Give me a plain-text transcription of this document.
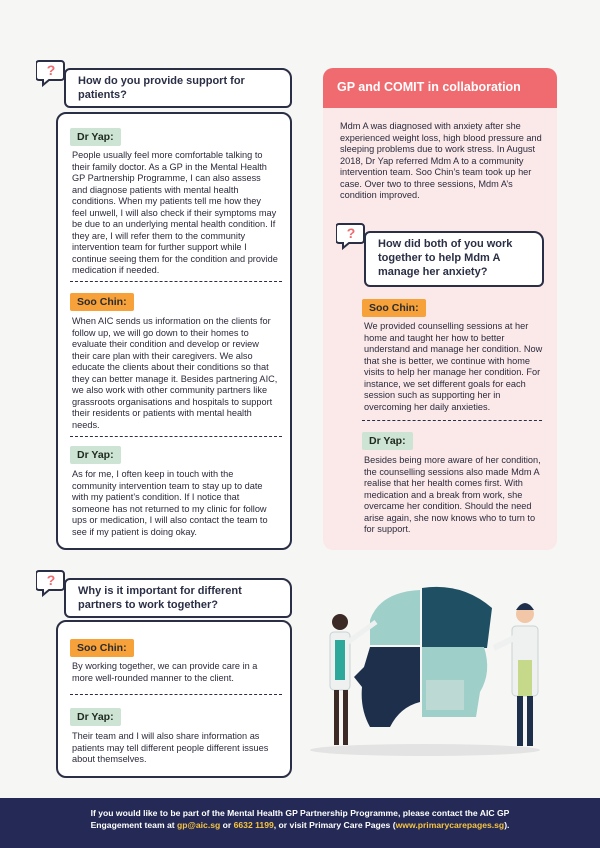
How do you provide support for patients?
?
Dr Yap:
People usually feel more comfortable talking to their family doctor. As a GP in the Mental Health GP Partnership Programme, I can also assess and diagnose patients with mental health conditions. When my patients tell me how they feel unwell, I will also check if their symptoms may be due to an underlying mental health condition. If they are, I will refer them to the community intervention team for further support while I continue seeing them for the condition and provide medication if needed.
Soo Chin:
When AIC sends us information on the clients for follow up, we will go down to their homes to evaluate their condition and develop or review their care plan with their caregivers. We also educate the clients about their conditions so that they can better manage it. Besides partnering AIC, we also work with other community partners like grassroots organisations and hospitals to support their residents or patients with mental health needs.
Dr Yap:
As for me, I often keep in touch with the community intervention team to stay up to date with my patient’s condition. If I notice that someone has not returned to my clinic for follow ups or medication, I will also contact the team to see if my patient is doing okay.
GP and COMIT in collaboration
Mdm A was diagnosed with anxiety after she experienced weight loss, high blood pressure and sleeping problems due to work stress. In August 2018, Dr Yap referred Mdm A to a community intervention team. Soo Chin’s team took up her case. Over two to three sessions, Mdm A’s condition improved.
How did both of you work together to help Mdm A manage her anxiety?
?
Soo Chin:
We provided counselling sessions at her home and taught her how to better understand and manage her condition. Now that she is better, we continue with home visits to help her manage her condition. For instance, we set different goals for each session such as supporting her in overcoming her daily anxieties.
Dr Yap:
Besides being more aware of her condition, the counselling sessions also made Mdm A realise that her health comes first. With medication and a break from work, she overcame her condition. Should the need arise again, she now knows who to turn to for support.
Why is it important for different partners to work together?
?
Soo Chin:
By working together, we can provide care in a more well-rounded manner to the client.
Dr Yap:
Their team and I will also share information as patients may tell different people different issues about themselves.
If you would like to be part of the Mental Health GP Partnership Programme, please contact the AIC GP
Engagement team at gp@aic.sg or 6632 1199, or visit Primary Care Pages (www.primarycarepages.sg).
